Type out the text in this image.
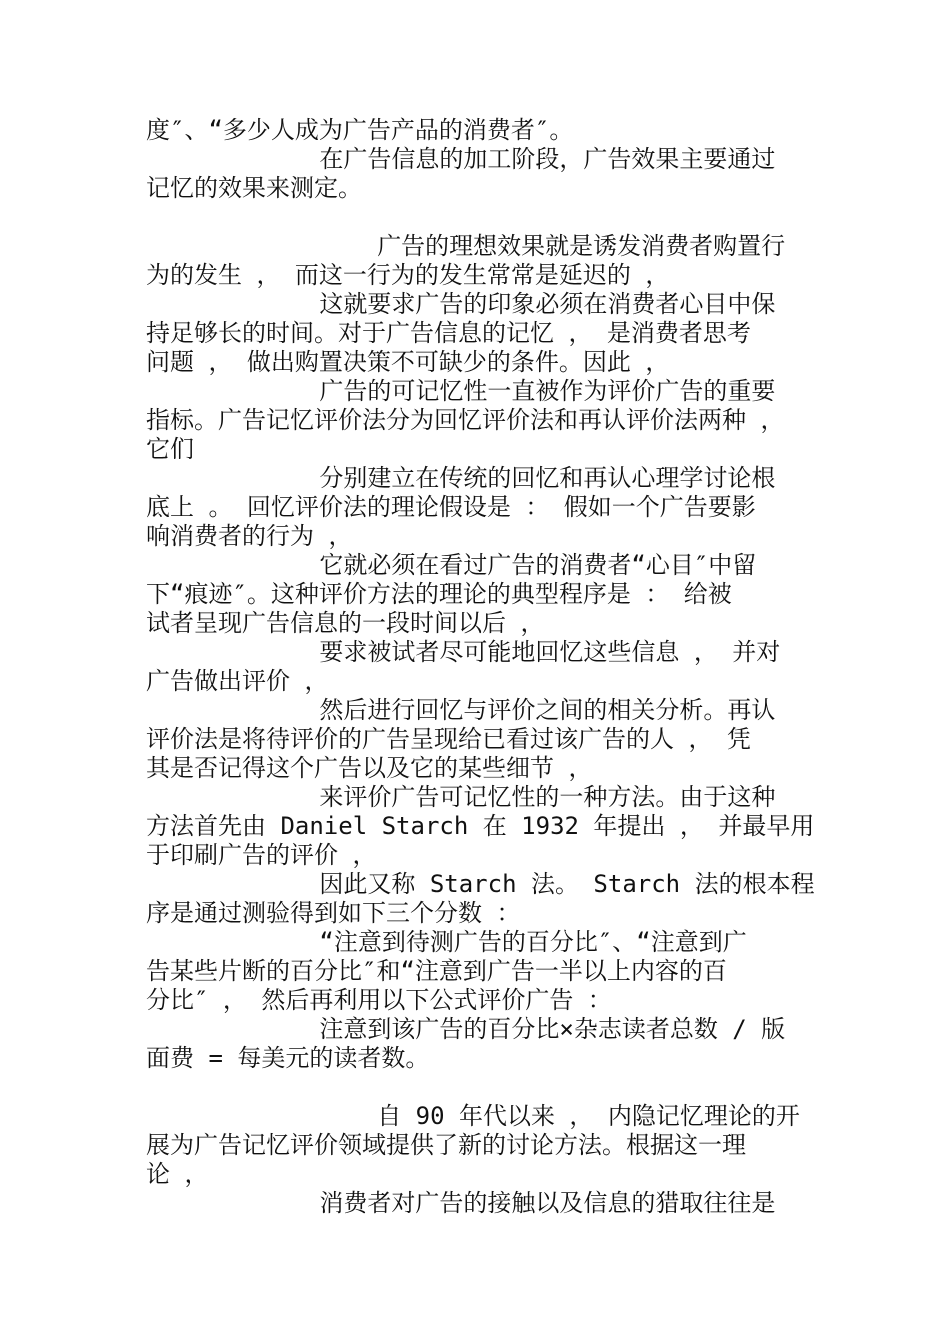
度″、“多少人成为广告产品的消费者″。

在广告信息的加工阶段，广告效果主要通过

记忆的效果来测定。

广告的理想效果就是诱发消费者购置行

为的发生 ， 而这一行为的发生常常是延迟的 ，

这就要求广告的印象必须在消费者心目中保

持足够长的时间。对于广告信息的记忆 ， 是消费者思考

问题 ， 做出购置决策不可缺少的条件。因此 ，

广告的可记忆性一直被作为评价广告的重要

指标。广告记忆评价法分为回忆评价法和再认评价法两种 ，

它们

分别建立在传统的回忆和再认心理学讨论根

底上 。 回忆评价法的理论假设是 ： 假如一个广告要影

响消费者的行为 ，

它就必须在看过广告的消费者“心目″中留

下“痕迹″。这种评价方法的理论的典型程序是 ： 给被

试者呈现广告信息的一段时间以后 ，

要求被试者尽可能地回忆这些信息 ， 并对

广告做出评价 ，

然后进行回忆与评价之间的相关分析。再认

评价法是将待评价的广告呈现给已看过该广告的人 ， 凭

其是否记得这个广告以及它的某些细节 ，

来评价广告可记忆性的一种方法。由于这种

方法首先由 Daniel Starch 在 1932 年提出 ， 并最早用

于印刷广告的评价 ，

因此又称 Starch 法。 Starch 法的根本程

序是通过测验得到如下三个分数 ：

“注意到待测广告的百分比″、“注意到广

告某些片断的百分比″和“注意到广告一半以上内容的百

分比″ ， 然后再利用以下公式评价广告 ：

注意到该广告的百分比×杂志读者总数 / 版

面费 = 每美元的读者数。

自 90 年代以来 ， 内隐记忆理论的开

展为广告记忆评价领域提供了新的讨论方法。根据这一理

论 ，

消费者对广告的接触以及信息的猎取往往是
